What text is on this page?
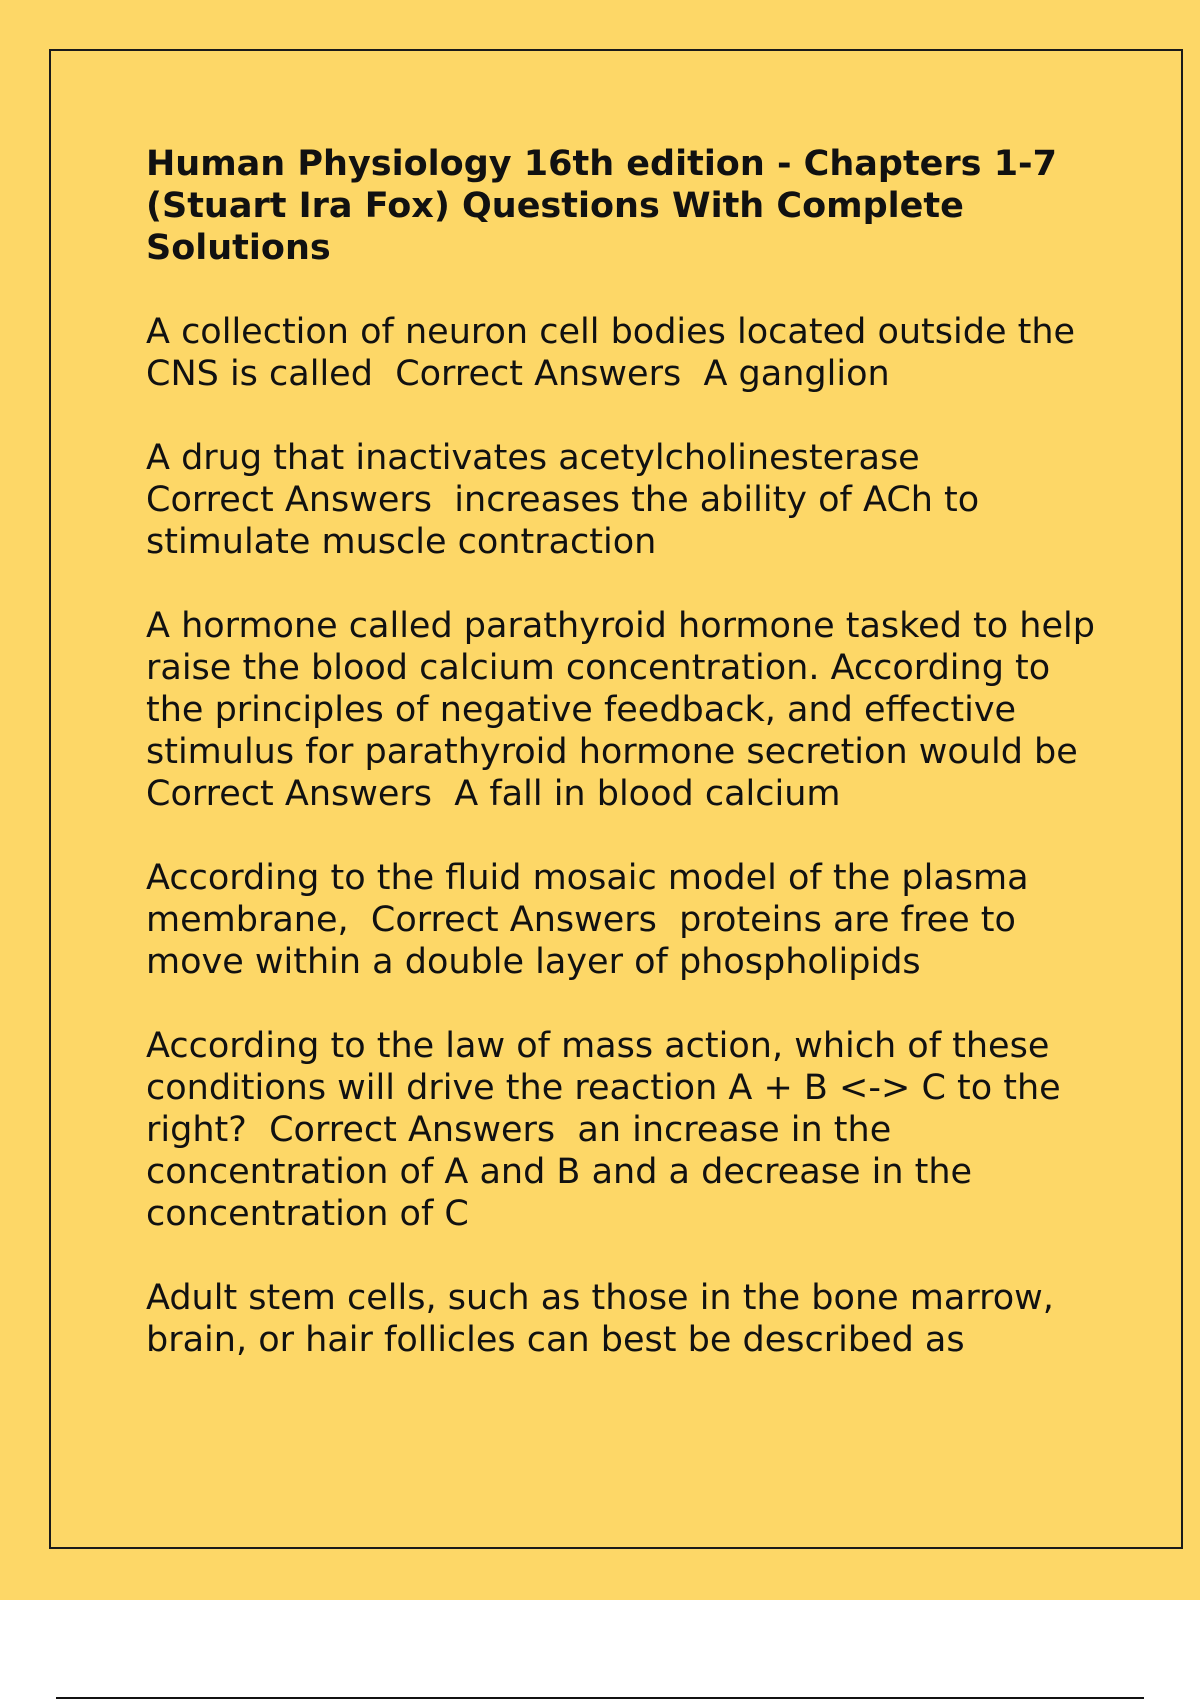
Human Physiology 16th edition - Chapters 1-7 (Stuart Ira Fox) Questions With Complete Solutions

A collection of neuron cell bodies located outside the CNS is called Correct Answers A ganglion

A drug that inactivates acetylcholinesterase
Correct Answers increases the ability of ACh to stimulate muscle contraction

A hormone called parathyroid hormone tasked to help raise the blood calcium concentration. According to the principles of negative feedback, and effective stimulus for parathyroid hormone secretion would be  Correct Answers A fall in blood calcium

According to the fluid mosaic model of the plasma membrane, Correct Answers proteins are free to move within a double layer of phospholipids

According to the law of mass action, which of these conditions will drive the reaction A + B <-> C to the right? Correct Answers an increase in the concentration of A and B and a decrease in the concentration of C

Adult stem cells, such as those in the bone marrow, brain, or hair follicles can best be described as
